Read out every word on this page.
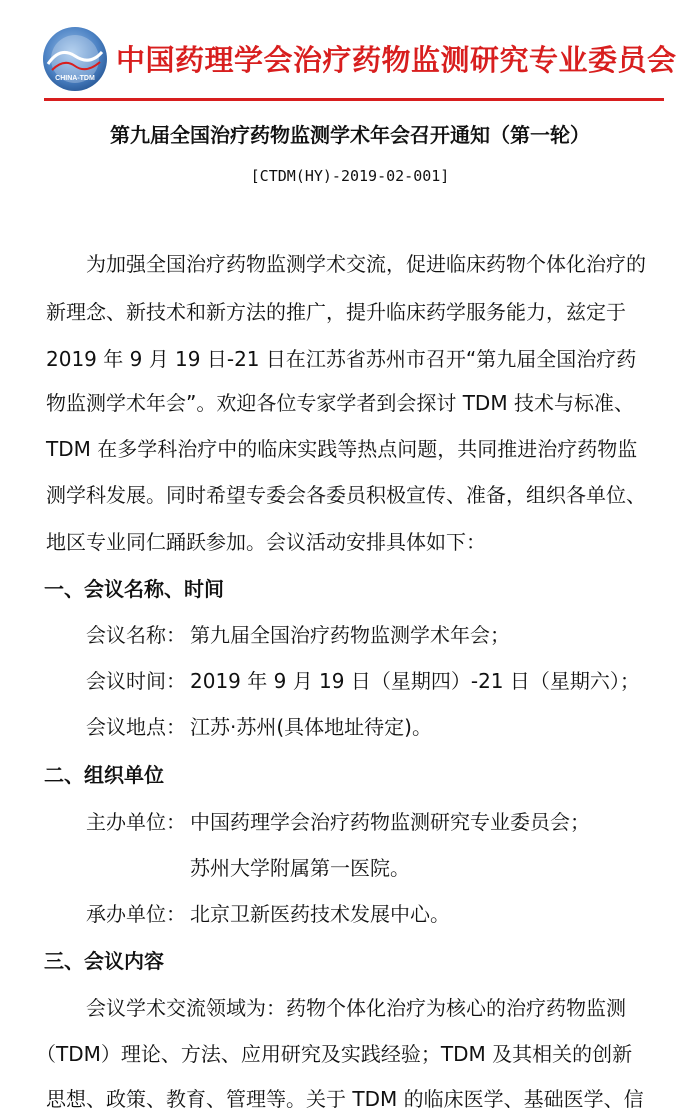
CHINA-TDM
中国药理学会治疗药物监测研究专业委员会
第九届全国治疗药物监测学术年会召开通知（第一轮）
[CTDM(HY)-2019-02-001]
为加强全国治疗药物监测学术交流，促进临床药物个体化治疗的
新理念、新技术和新方法的推广，提升临床药学服务能力，兹定于
2019 年 9 月 19 日-21 日在江苏省苏州市召开“第九届全国治疗药
物监测学术年会”。欢迎各位专家学者到会探讨 TDM 技术与标准、
TDM 在多学科治疗中的临床实践等热点问题，共同推进治疗药物监
测学科发展。同时希望专委会各委员积极宣传、准备，组织各单位、
地区专业同仁踊跃参加。会议活动安排具体如下：
一、会议名称、时间
会议名称： 第九届全国治疗药物监测学术年会；
会议时间： 2019 年 9 月 19 日（星期四）-21 日（星期六）；
会议地点： 江苏·苏州(具体地址待定)。
二、组织单位
主办单位： 中国药理学会治疗药物监测研究专业委员会；
苏州大学附属第一医院。
承办单位： 北京卫新医药技术发展中心。
三、会议内容
会议学术交流领域为：药物个体化治疗为核心的治疗药物监测
（TDM）理论、方法、应用研究及实践经验；TDM 及其相关的创新
思想、政策、教育、管理等。关于 TDM 的临床医学、基础医学、信
